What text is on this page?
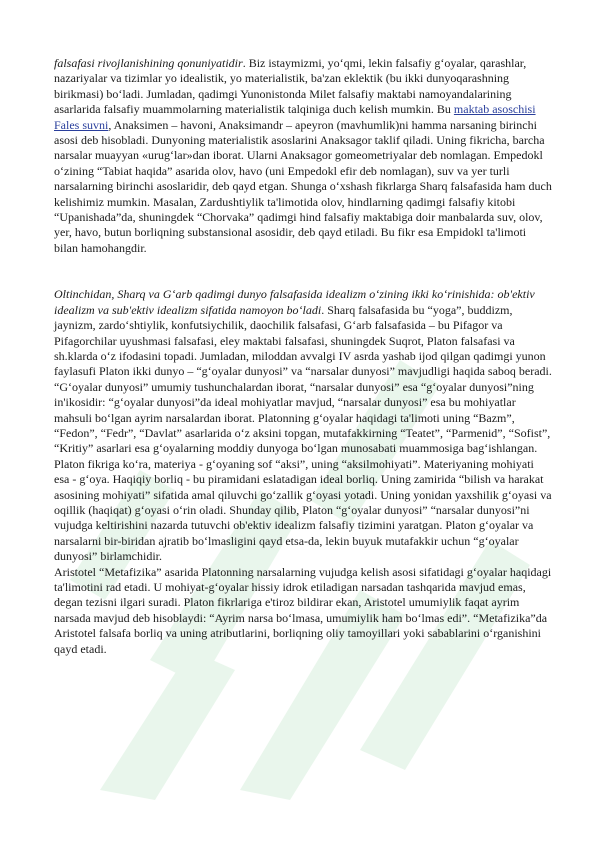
falsafasi rivojlanishining qonuniyatidir. Biz istaymizmi, yo‘qmi, lekin falsafiy g‘oyalar, qarashlar, nazariyalar va tizimlar yo idealistik, yo materialistik, ba'zan eklektik (bu ikki dunyoqarashning birikmasi) bo‘ladi. Jumladan, qadimgi Yunonistonda Milet falsafiy maktabi namoyandalarining asarlarida falsafiy muammolarning materialistik talqiniga duch kelish mumkin. Bu maktab asoschisi Fales suvni, Anaksimen – havoni, Anaksimandr – apeyron (mavhumlik)ni hamma narsaning birinchi asosi deb hisobladi. Dunyoning materialistik asoslarini Anaksagor taklif qiladi. Uning fikricha, barcha narsalar muayyan «urug‘lar»dan iborat. Ularni Anaksagor gomeometriyalar deb nomlagan. Empedokl o‘zining “Tabiat haqida” asarida olov, havo (uni Empedokl efir deb nomlagan), suv va yer turli narsalarning birinchi asoslaridir, deb qayd etgan. Shunga o‘xshash fikrlarga Sharq falsafasida ham duch kelishimiz mumkin. Masalan, Zardushtiylik ta'limotida olov, hindlarning qadimgi falsafiy kitobi “Upanishada”da, shuningdek “Chorvaka” qadimgi hind falsafiy maktabiga doir manbalarda suv, olov, yer, havo, butun borliqning substansional asosidir, deb qayd etiladi. Bu fikr esa Empidokl ta'limoti bilan hamohangdir.

Oltinchidan, Sharq va G‘arb qadimgi dunyo falsafasida idealizm o‘zining ikki ko‘rinishida: ob'ektiv idealizm va sub'ektiv idealizm sifatida namoyon bo‘ladi. Sharq falsafasida bu “yoga”, buddizm, jaynizm, zardo‘shtiylik, konfutsiychilik, daochilik falsafasi, G‘arb falsafasida – bu Pifagor va Pifagorchilar uyushmasi falsafasi, eley maktabi falsafasi, shuningdek Suqrot, Platon falsafasi va sh.klarda o‘z ifodasini topadi. Jumladan, miloddan avvalgi IV asrda yashab ijod qilgan qadimgi yunon faylasufi Platon ikki dunyo – “g‘oyalar dunyosi” va “narsalar dunyosi” mavjudligi haqida saboq beradi. “G‘oyalar dunyosi” umumiy tushunchalardan iborat, “narsalar dunyosi” esa “g‘oyalar dunyosi”ning in'ikosidir: “g‘oyalar dunyosi”da ideal mohiyatlar mavjud, “narsalar dunyosi” esa bu mohiyatlar mahsuli bo‘lgan ayrim narsalardan iborat. Platonning g‘oyalar haqidagi ta'limoti uning “Bazm”, “Fedon”, “Fedr”, “Davlat” asarlarida o‘z aksini topgan, mutafakkirning “Teatet”, “Parmenid”, “Sofist”, “Kritiy” asarlari esa g‘oyalarning moddiy dunyoga bo‘lgan munosabati muammosiga bag‘ishlangan. Platon fikriga ko‘ra, materiya - g‘oyaning sof “aksi”, uning “aksilmohiyati”. Materiyaning mohiyati esa - g‘oya. Haqiqiy borliq - bu piramidani eslatadigan ideal borliq. Uning zamirida “bilish va harakat asosining mohiyati” sifatida amal qiluvchi go‘zallik g‘oyasi yotadi. Uning yonidan yaxshilik g‘oyasi va oqillik (haqiqat) g‘oyasi o‘rin oladi. Shunday qilib, Platon “g‘oyalar dunyosi” “narsalar dunyosi”ni vujudga keltirishini nazarda tutuvchi ob'ektiv idealizm falsafiy tizimini yaratgan. Platon g‘oyalar va narsalarni bir-biridan ajratib bo‘lmasligini qayd etsa-da, lekin buyuk mutafakkir uchun “g‘oyalar dunyosi” birlamchidir.

Aristotel “Metafizika” asarida Platonning narsalarning vujudga kelish asosi sifatidagi g‘oyalar haqidagi ta'limotini rad etadi. U mohiyat-g‘oyalar hissiy idrok etiladigan narsadan tashqarida mavjud emas, degan tezisni ilgari suradi. Platon fikrlariga e'tiroz bildirar ekan, Aristotel umumiylik faqat ayrim narsada mavjud deb hisoblaydi: “Ayrim narsa bo‘lmasa, umumiylik ham bo‘lmas edi”. “Metafizika”da Aristotel falsafa borliq va uning atributlarini, borliqning oliy tamoyillari yoki sabablarini o‘rganishini qayd etadi.
